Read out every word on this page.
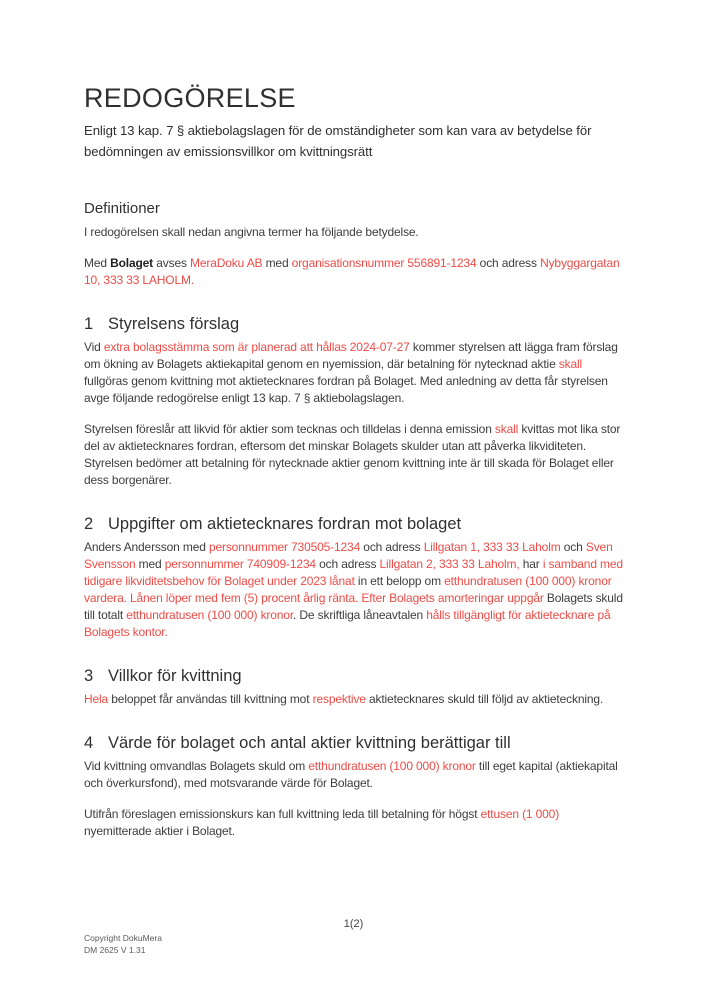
REDOGÖRELSE

Enligt 13 kap. 7 § aktiebolagslagen för de omständigheter som kan vara av betydelse för bedömningen av emissionsvillkor om kvittningsrätt

Definitioner

I redogörelsen skall nedan angivna termer ha följande betydelse.

Med Bolaget avses MeraDoku AB med organisationsnummer 556891-1234 och adress Nybyggargatan 10, 333 33 LAHOLM.

1 Styrelsens förslag

Vid extra bolagsstämma som är planerad att hållas 2024-07-27 kommer styrelsen att lägga fram förslag om ökning av Bolagets aktiekapital genom en nyemission, där betalning för nytecknad aktie skall fullgöras genom kvittning mot aktietecknares fordran på Bolaget. Med anledning av detta får styrelsen avge följande redogörelse enligt 13 kap. 7 § aktiebolagslagen.

Styrelsen föreslår att likvid för aktier som tecknas och tilldelas i denna emission skall kvittas mot lika stor del av aktietecknares fordran, eftersom det minskar Bolagets skulder utan att påverka likviditeten. Styrelsen bedömer att betalning för nytecknade aktier genom kvittning inte är till skada för Bolaget eller dess borgenärer.

2 Uppgifter om aktietecknares fordran mot bolaget

Anders Andersson med personnummer 730505-1234 och adress Lillgatan 1, 333 33 Laholm och Sven Svensson med personnummer 740909-1234 och adress Lillgatan 2, 333 33 Laholm, har i samband med tidigare likviditetsbehov för Bolaget under 2023 lånat in ett belopp om etthundratusen (100 000) kronor vardera. Lånen löper med fem (5) procent årlig ränta. Efter Bolagets amorteringar uppgår Bolagets skuld till totalt etthundratusen (100 000) kronor. De skriftliga låneavtalen hålls tillgängligt för aktietecknare på Bolagets kontor.

3 Villkor för kvittning

Hela beloppet får användas till kvittning mot respektive aktietecknares skuld till följd av aktieteckning.

4 Värde för bolaget och antal aktier kvittning berättigar till

Vid kvittning omvandlas Bolagets skuld om etthundratusen (100 000) kronor till eget kapital (aktiekapital och överkursfond), med motsvarande värde för Bolaget.

Utifrån föreslagen emissionskurs kan full kvittning leda till betalning för högst ettusen (1 000) nyemitterade aktier i Bolaget.

1(2)
Copyright DokuMera
DM 2625 V 1.31
